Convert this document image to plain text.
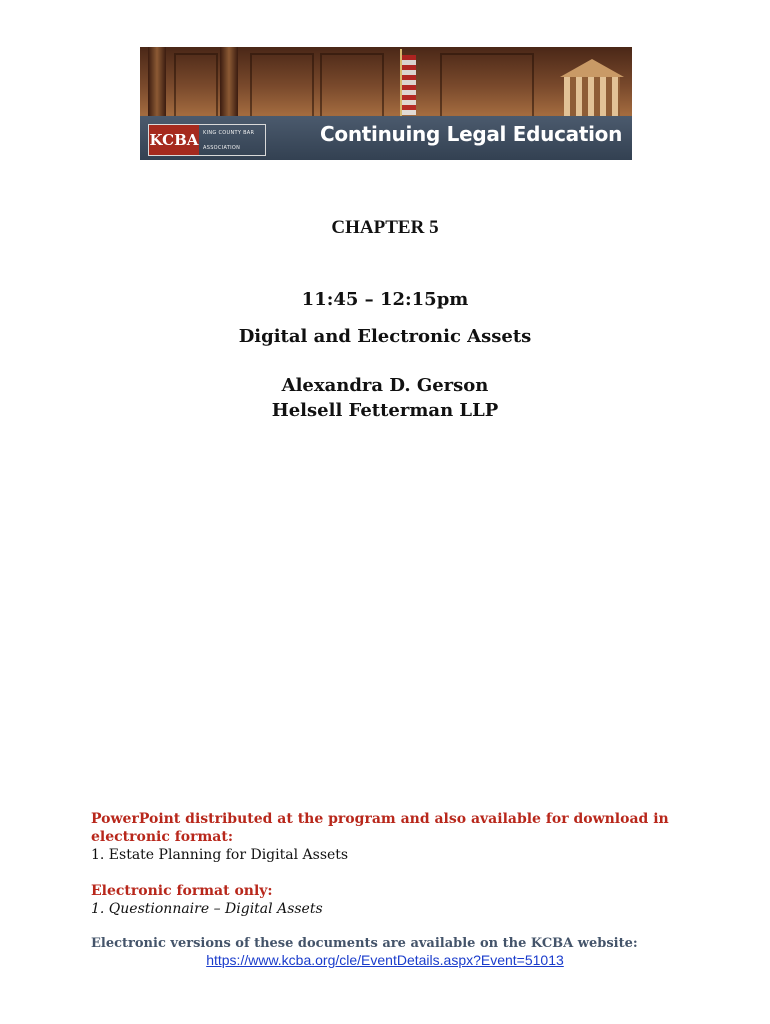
KCBA KING COUNTY BAR
ASSOCIATION
Continuing Legal Education
CHAPTER 5
11:45 – 12:15pm
Digital and Electronic Assets
Alexandra D. Gerson
Helsell Fetterman LLP
PowerPoint distributed at the program and also available for download in electronic format:
1. Estate Planning for Digital Assets
Electronic format only:
1. Questionnaire – Digital Assets
Electronic versions of these documents are available on the KCBA website:
https://www.kcba.org/cle/EventDetails.aspx?Event=51013
